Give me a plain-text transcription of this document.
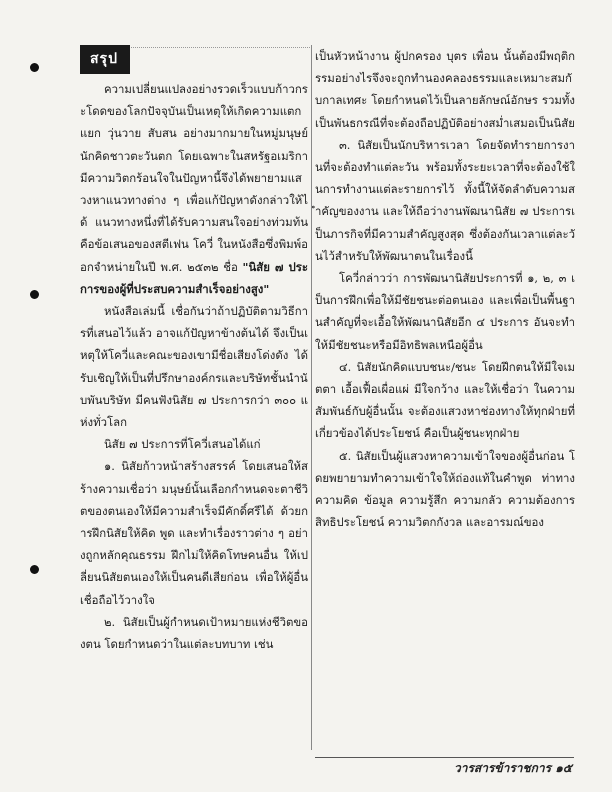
สรุป

ความเปลี่ยนแปลงอย่างรวดเร็วแบบก้าวกระโดดของโลกปัจจุบันเป็นเหตุให้เกิดความแตกแยก วุ่นวาย สับสน อย่างมากมายในหมู่มนุษย์ นักคิดชาวตะวันตก โดยเฉพาะในสหรัฐอเมริกา มีความวิตกร้อนใจในปัญหานี้จึงได้พยายามแสวงหาแนวทางต่าง ๆ เพื่อแก้ปัญหาดังกล่าวให้ได้ แนวทางหนึ่งที่ได้รับความสนใจอย่างท่วมท้น คือข้อเสนอของสตีเฟน โควี่ ในหนังสือซึ่งพิมพ์ออกจำหน่ายในปี พ.ศ. ๒๕๓๒ ชื่อ "นิสัย ๗ ประการของผู้ที่ประสบความสำเร็จอย่างสูง"

หนังสือเล่มนี้ เชื่อกันว่าถ้าปฏิบัติตามวิธีการที่เสนอไว้แล้ว อาจแก้ปัญหาข้างต้นได้ จึงเป็นเหตุให้โควี่และคณะของเขามีชื่อเสียงโด่งดัง ได้รับเชิญให้เป็นที่ปรึกษาองค์กรและบริษัทชั้นนำนับพันบริษัท มีคนฟังนิสัย ๗ ประการกว่า ๓๐๐ แห่งทั่วโลก

นิสัย ๗ ประการที่โควี่เสนอได้แก่

๑. นิสัยก้าวหน้าสร้างสรรค์ โดยเสนอให้สร้างความเชื่อว่า มนุษย์นั้นเลือกกำหนดจะตาชีวิตของตนเองให้มีความสำเร็จมีคักดิ์ศรีได้ ด้วยการฝึกนิสัยให้คิด พูด และทำเรื่องราวต่าง ๆ อย่างถูกหลักคุณธรรม ฝึกไม่ให้คิดโทษคนอื่น ให้เปลี่ยนนิสัยตนเองให้เป็นคนดีเสียก่อน เพื่อให้ผู้อื่นเชื่อถือไว้วางใจ

๒. นิสัยเป็นผู้กำหนดเป้าหมายแห่งชีวิตของตน โดยกำหนดว่าในแต่ละบทบาท เช่น

เป็นหัวหน้างาน ผู้ปกครอง บุตร เพื่อน นั้นต้องมีพฤติกรรมอย่างไรจึงจะถูกทำนองคลองธรรมและเหมาะสมกับกาลเทศะ โดยกำหนดไว้เป็นลายลักษณ์อักษร รวมทั้งเป็นพันธกรณีที่จะต้องถือปฏิบัติอย่างสม่ำเสมอเป็นนิสัย

๓. นิสัยเป็นนักบริหารเวลา โดยจัดทำรายการงานที่จะต้องทำแต่ละวัน พร้อมทั้งระยะเวลาที่จะต้องใช้ในการทำงานแต่ละรายการไว้ ทั้งนี้ให้จัดลำดับความสำคัญของงาน และให้ถือว่างานพัฒนานิสัย ๗ ประการเป็นภารกิจที่มีความสำคัญสูงสุด ซึ่งต้องกันเวลาแต่ละวันไว้สำหรับให้พัฒนาตนในเรื่องนี้

โควี่กล่าวว่า การพัฒนานิสัยประการที่ ๑, ๒, ๓ เป็นการฝึกเพื่อให้มีชัยชนะต่อตนเอง และเพื่อเป็นพื้นฐานสำคัญที่จะเอื้อให้พัฒนานิสัยอีก ๔ ประการ อันจะทำให้มีชัยชนะหรือมีอิทธิพลเหนือผู้อื่น

๔. นิสัยนักคิดแบบชนะ/ชนะ โดยฝึกตนให้มีใจเมตตา เอื้อเฟื้อเผื่อแผ่ มีใจกว้าง และให้เชื่อว่า ในความสัมพันธ์กับผู้อื่นนั้น จะต้องแสวงหาช่องทางให้ทุกฝ่ายที่เกี่ยวข้องได้ประโยชน์ คือเป็นผู้ชนะทุกฝ่าย

๕. นิสัยเป็นผู้แสวงหาความเข้าใจของผู้อื่นก่อน โดยพยายามทำความเข้าใจให้ถ่องแท้ในคำพูด ท่าทาง ความคิด ข้อมูล ความรู้สึก ความกลัว ความต้องการ สิทธิประโยชน์ ความวิตกกังวล และอารมณ์ของ

วารสารข้าราชการ ๑๕
